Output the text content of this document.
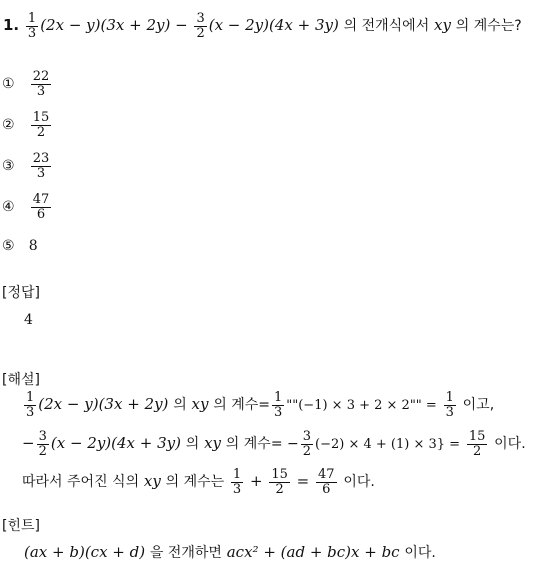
1. $\frac{1}{3} (2x - y)(3x + 2y) - \frac{3}{2} (x - 2y)(4x + 3y)$ 의 전개식에서 xy 의 계수는?
① $\frac{22}{3}$
② $\frac{15}{2}$
③ $\frac{23}{3}$
④ $\frac{47}{6}$
⑤ 8
[정답]
4
[해설]
$\frac{1}{3} (2x - y)(3x + 2y)$ 의 xy 의 계수= $\frac{1}{3}$ ""(−1) × 3 + 2 × 2"" = $\frac{1}{3}$ 이고,
− $\frac{3}{2} (x - 2y)(4x + 3y)$ 의 xy 의 계수= − $\frac{3}{2} (-2) \times 4 + (1) \times 3\} = \frac{15}{2}$ 이다.
따라서 주어진 식의 xy 의 계수는 $\frac{1}{3} + \frac{15}{2} = \frac{47}{6}$ 이다.
[힌트]
(ax + b)(cx + d) 을 전개하면 acx² + (ad + bc)x + bc 이다.
